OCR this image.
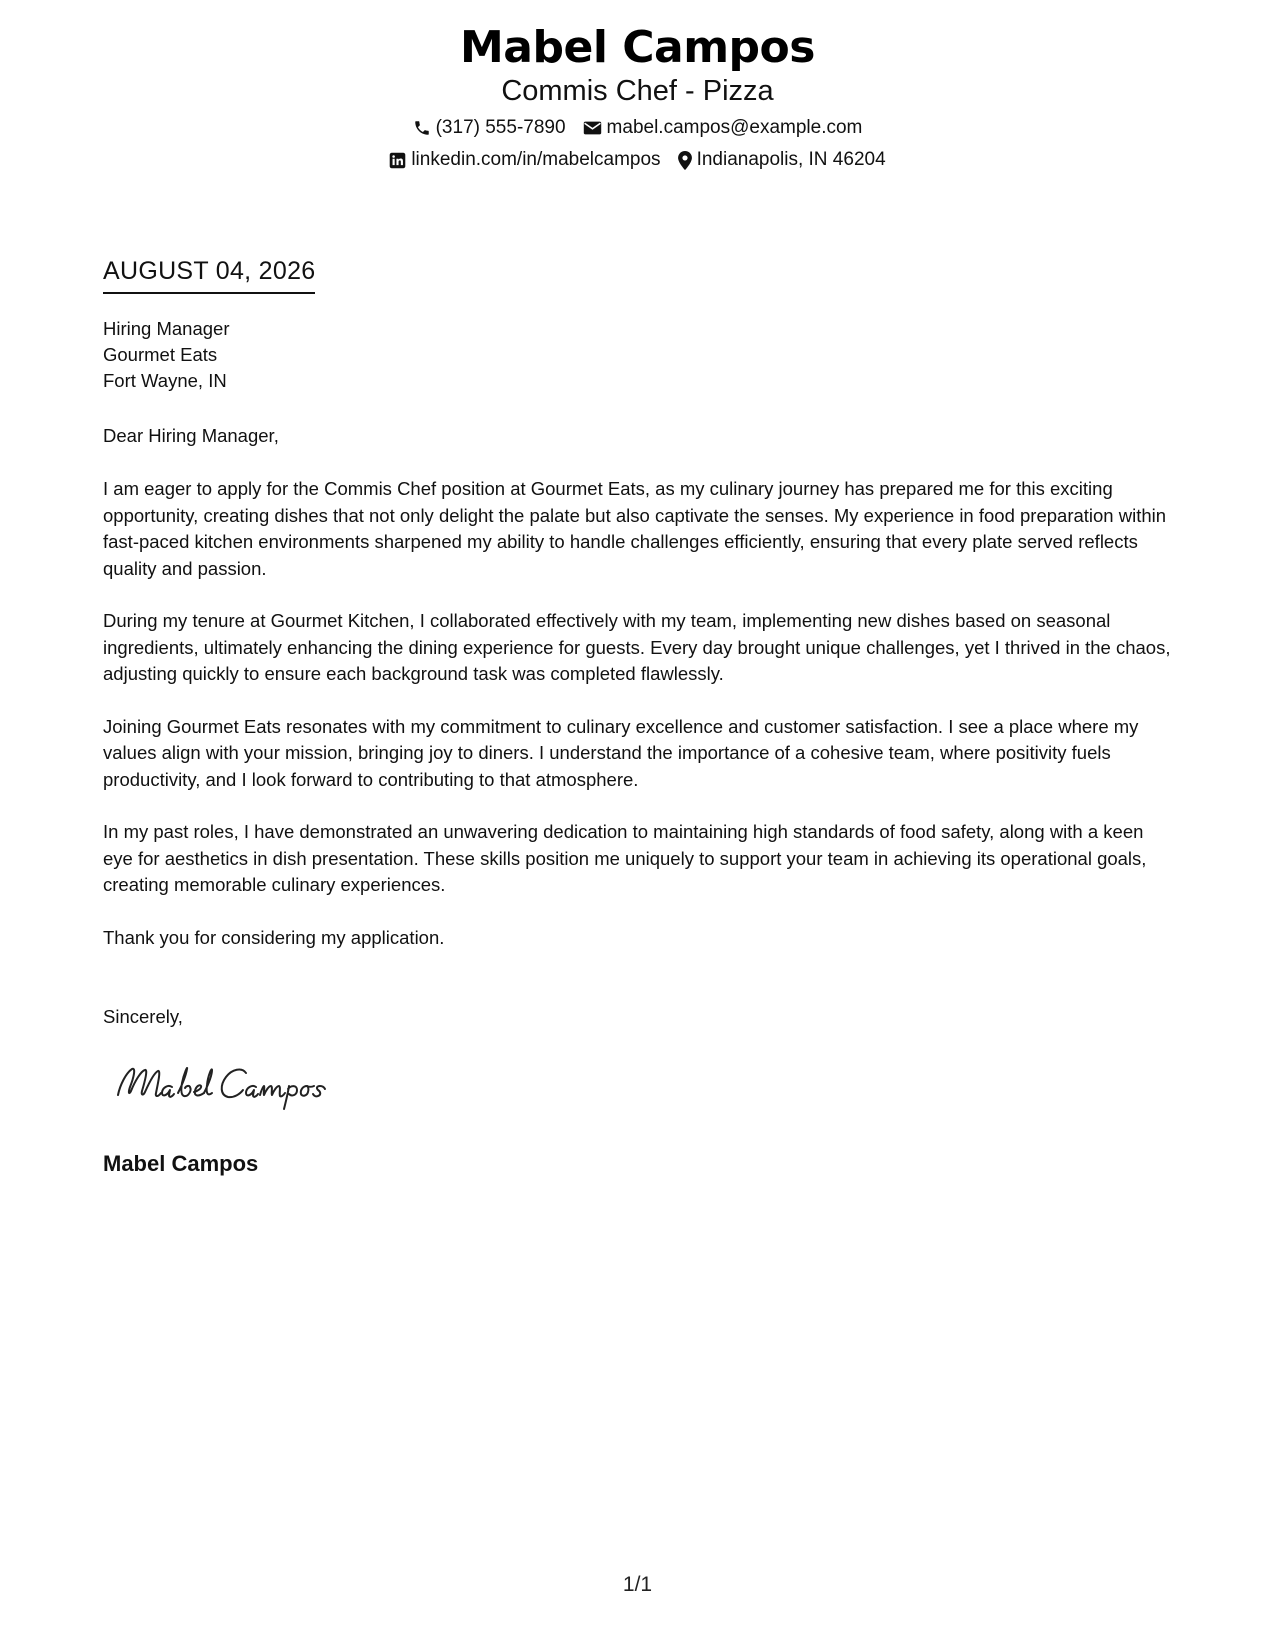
Mabel Campos
Commis Chef - Pizza
(317) 555-7890 mabel.campos@example.com
linkedin.com/in/mabelcampos Indianapolis, IN 46204
AUGUST 04, 2026
Hiring Manager
Gourmet Eats
Fort Wayne, IN
Dear Hiring Manager,

I am eager to apply for the Commis Chef position at Gourmet Eats, as my culinary journey has prepared me for this exciting opportunity, creating dishes that not only delight the palate but also captivate the senses. My experience in food preparation within fast-paced kitchen environments sharpened my ability to handle challenges efficiently, ensuring that every plate served reflects quality and passion.

During my tenure at Gourmet Kitchen, I collaborated effectively with my team, implementing new dishes based on seasonal ingredients, ultimately enhancing the dining experience for guests. Every day brought unique challenges, yet I thrived in the chaos, adjusting quickly to ensure each background task was completed flawlessly.

Joining Gourmet Eats resonates with my commitment to culinary excellence and customer satisfaction. I see a place where my values align with your mission, bringing joy to diners. I understand the importance of a cohesive team, where positivity fuels productivity, and I look forward to contributing to that atmosphere.

In my past roles, I have demonstrated an unwavering dedication to maintaining high standards of food safety, along with a keen eye for aesthetics in dish presentation. These skills position me uniquely to support your team in achieving its operational goals, creating memorable culinary experiences.

Thank you for considering my application.

Sincerely,
Mabel Campos
1/1
